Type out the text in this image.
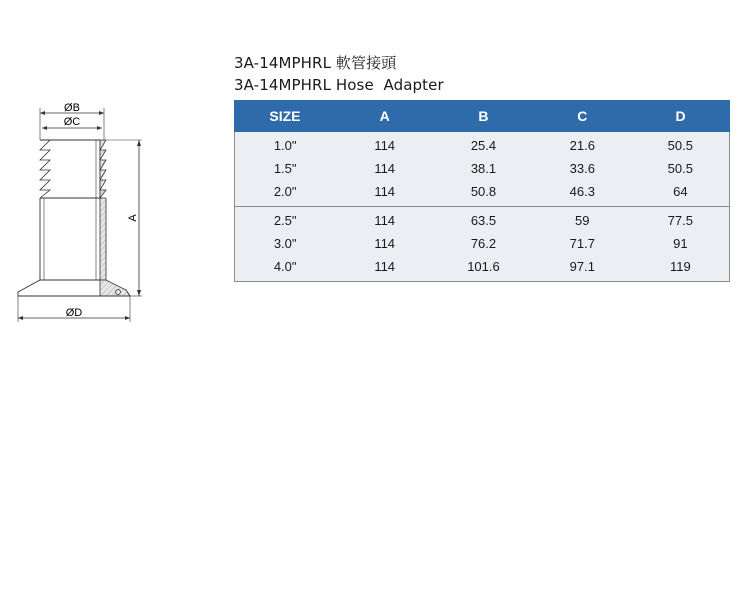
3A-14MPHRL 軟管接頭
3A-14MPHRL Hose  Adapter
ØB
ØC
A
ØD
SIZE	A	B	C	D
1.0"	114	25.4	21.6	50.5
1.5"	114	38.1	33.6	50.5
2.0"	114	50.8	46.3	64
2.5"	114	63.5	59	77.5
3.0"	114	76.2	71.7	91
4.0"	114	101.6	97.1	119
